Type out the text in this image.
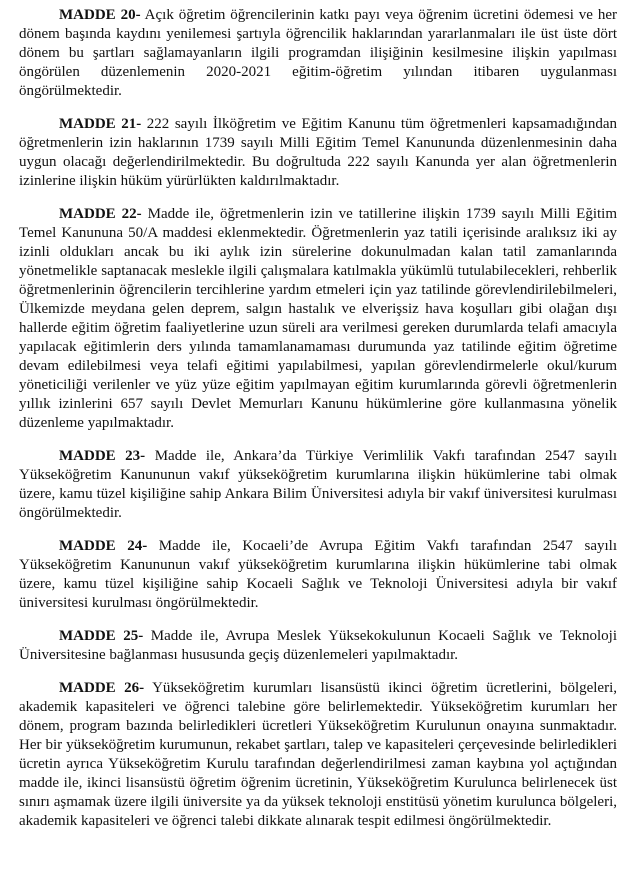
MADDE 20- Açık öğretim öğrencilerinin katkı payı veya öğrenim ücretini ödemesi ve her dönem başında kaydını yenilemesi şartıyla öğrencilik haklarından yararlanmaları ile üst üste dört dönem bu şartları sağlamayanların ilgili programdan ilişiğinin kesilmesine ilişkin yapılması öngörülen düzenlemenin 2020-2021 eğitim-öğretim yılından itibaren uygulanması öngörülmektedir.

MADDE 21- 222 sayılı İlköğretim ve Eğitim Kanunu tüm öğretmenleri kapsamadığından öğretmenlerin izin haklarının 1739 sayılı Milli Eğitim Temel Kanununda düzenlenmesinin daha uygun olacağı değerlendirilmektedir. Bu doğrultuda 222 sayılı Kanunda yer alan öğretmenlerin izinlerine ilişkin hüküm yürürlükten kaldırılmaktadır.

MADDE 22- Madde ile, öğretmenlerin izin ve tatillerine ilişkin 1739 sayılı Milli Eğitim Temel Kanununa 50/A maddesi eklenmektedir. Öğretmenlerin yaz tatili içerisinde aralıksız iki ay izinli oldukları ancak bu iki aylık izin sürelerine dokunulmadan kalan tatil zamanlarında yönetmelikle saptanacak meslekle ilgili çalışmalara katılmakla yükümlü tutulabilecekleri, rehberlik öğretmenlerinin öğrencilerin tercihlerine yardım etmeleri için yaz tatilinde görevlendirilebilmeleri, Ülkemizde meydana gelen deprem, salgın hastalık ve elverişsiz hava koşulları gibi olağan dışı hallerde eğitim öğretim faaliyetlerine uzun süreli ara verilmesi gereken durumlarda telafi amacıyla yapılacak eğitimlerin ders yılında tamamlanamaması durumunda yaz tatilinde eğitim öğretime devam edilebilmesi veya telafi eğitimi yapılabilmesi, yapılan görevlendirmelerle okul/kurum yöneticiliği verilenler ve yüz yüze eğitim yapılmayan eğitim kurumlarında görevli öğretmenlerin yıllık izinlerini 657 sayılı Devlet Memurları Kanunu hükümlerine göre kullanmasına yönelik düzenleme yapılmaktadır.

MADDE 23- Madde ile, Ankara’da Türkiye Verimlilik Vakfı tarafından 2547 sayılı Yükseköğretim Kanununun vakıf yükseköğretim kurumlarına ilişkin hükümlerine tabi olmak üzere, kamu tüzel kişiliğine sahip Ankara Bilim Üniversitesi adıyla bir vakıf üniversitesi kurulması öngörülmektedir.

MADDE 24- Madde ile, Kocaeli’de Avrupa Eğitim Vakfı tarafından 2547 sayılı Yükseköğretim Kanununun vakıf yükseköğretim kurumlarına ilişkin hükümlerine tabi olmak üzere, kamu tüzel kişiliğine sahip Kocaeli Sağlık ve Teknoloji Üniversitesi adıyla bir vakıf üniversitesi kurulması öngörülmektedir.

MADDE 25- Madde ile, Avrupa Meslek Yüksekokulunun Kocaeli Sağlık ve Teknoloji Üniversitesine bağlanması hususunda geçiş düzenlemeleri yapılmaktadır.

MADDE 26- Yükseköğretim kurumları lisansüstü ikinci öğretim ücretlerini, bölgeleri, akademik kapasiteleri ve öğrenci talebine göre belirlemektedir. Yükseköğretim kurumları her dönem, program bazında belirledikleri ücretleri Yükseköğretim Kurulunun onayına sunmaktadır. Her bir yükseköğretim kurumunun, rekabet şartları, talep ve kapasiteleri çerçevesinde belirledikleri ücretin ayrıca Yükseköğretim Kurulu tarafından değerlendirilmesi zaman kaybına yol açtığından madde ile, ikinci lisansüstü öğretim öğrenim ücretinin, Yükseköğretim Kurulunca belirlenecek üst sınırı aşmamak üzere ilgili üniversite ya da yüksek teknoloji enstitüsü yönetim kurulunca bölgeleri, akademik kapasiteleri ve öğrenci talebi dikkate alınarak tespit edilmesi öngörülmektedir.
